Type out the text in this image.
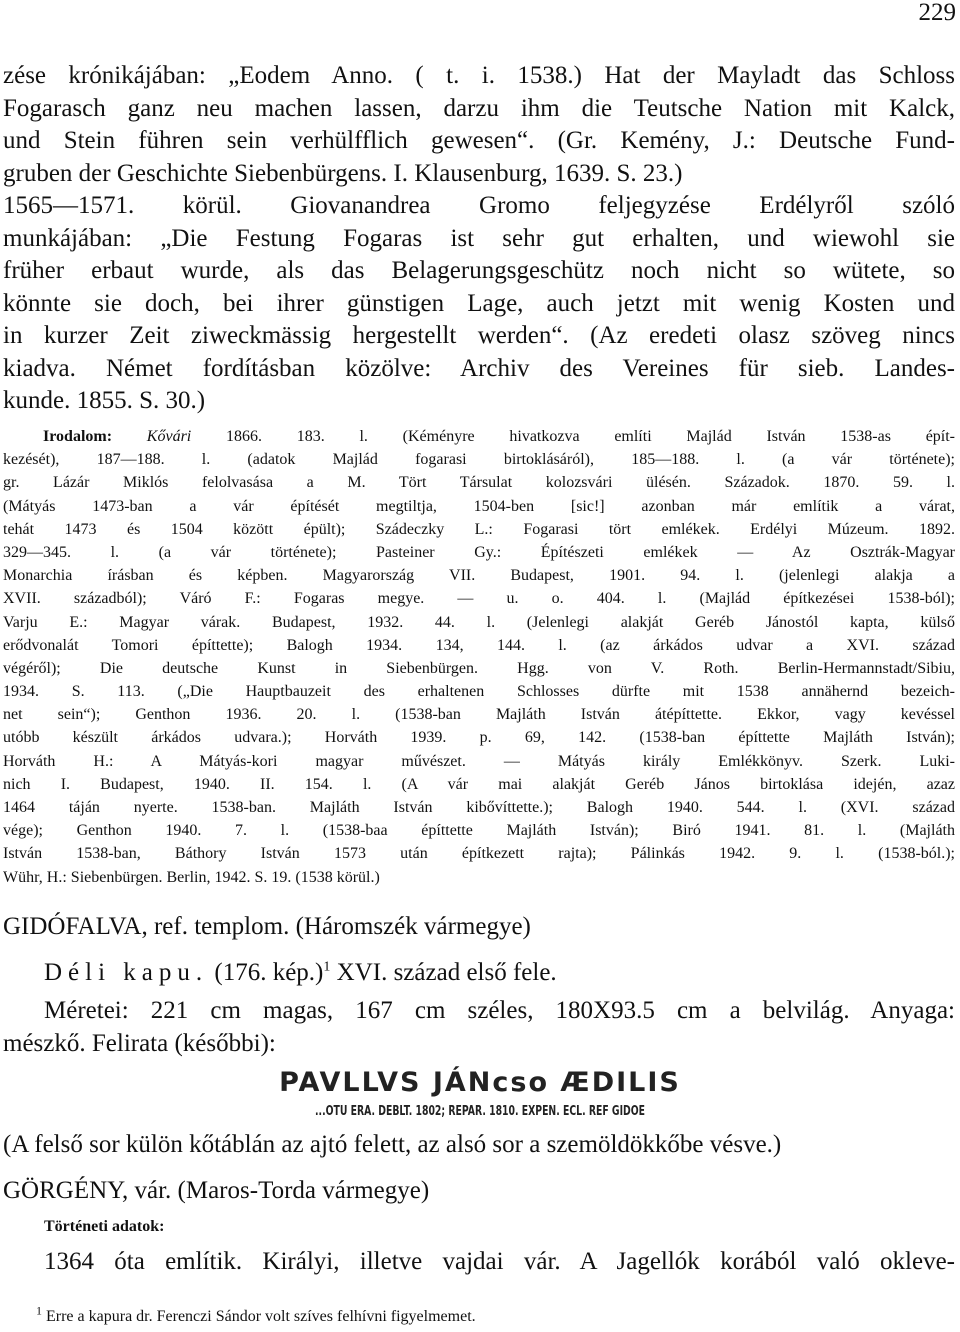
229
zése krónikájában: „Eodem Anno. ( t. i. 1538.) Hat der Mayladt das Schloss
Fogarasch ganz neu machen lassen, darzu ihm die Teutsche Nation mit Kalck,
und Stein führen sein verhülfflich gewesen“. (Gr. Kemény, J.: Deutsche Fund-
gruben der Geschichte Siebenbürgens. I. Klausenburg, 1639. S. 23.)
1565—1571. körül. Giovanandrea Gromo feljegyzése Erdélyről szóló
munkájában: „Die Festung Fogaras ist sehr gut erhalten, und wiewohl sie
früher erbaut wurde, als das Belagerungsgeschütz noch nicht so wütete, so
könnte sie doch, bei ihrer günstigen Lage, auch jetzt mit wenig Kosten und
in kurzer Zeit ziweckmässig hergestellt werden“. (Az eredeti olasz szöveg nincs
kiadva. Német fordításban közölve: Archiv des Vereines für sieb. Landes-
kunde. 1855. S. 30.)
Irodalom: Kővári 1866. 183. l. (Kéményre hivatkozva említi Majlád István 1538-as épít-
kezését), 187—188. l. (adatok Majlád fogarasi birtoklásáról), 185—188. l. (a vár története);
gr. Lázár Miklós felolvasása a M. Tört Társulat kolozsvári ülésén. Századok. 1870. 59. l.
(Mátyás 1473-ban a vár építését megtiltja, 1504-ben [sic!] azonban már említik a várat,
tehát 1473 és 1504 között épült); Szádeczky L.: Fogarasi tört emlékek. Erdélyi Múzeum. 1892.
329—345. l. (a vár története); Pasteiner Gy.: Építészeti emlékek — Az Osztrák-Magyar
Monarchia írásban és képben. Magyarország VII. Budapest, 1901. 94. l. (jelenlegi alakja a
XVII. századból); Váró F.: Fogaras megye. — u. o. 404. l. (Majlád építkezései 1538-ból);
Varju E.: Magyar várak. Budapest, 1932. 44. l. (Jelenlegi alakját Geréb Jánostól kapta, külső
erődvonalát Tomori építtette); Balogh 1934. 134, 144. l. (az árkádos udvar a XVI. század
végéről); Die deutsche Kunst in Siebenbürgen. Hgg. von V. Roth. Berlin-Hermannstadt/Sibiu,
1934. S. 113. („Die Hauptbauzeit des erhaltenen Schlosses dürfte mit 1538 annähernd bezeich-
net sein“); Genthon 1936. 20. l. (1538-ban Majláth István átépíttette. Ekkor, vagy kevéssel
utóbb készült árkádos udvara.); Horváth 1939. p. 69, 142. (1538-ban építtette Majláth István);
Horváth H.: A Mátyás-kori magyar művészet. — Mátyás király Emlékkönyv. Szerk. Luki-
nich I. Budapest, 1940. II. 154. l. (A vár mai alakját Geréb János birtoklása idején, azaz
1464 táján nyerte. 1538-ban. Majláth István kibővíttette.); Balogh 1940. 544. l. (XVI. század
vége); Genthon 1940. 7. l. (1538-baa építtette Majláth István); Biró 1941. 81. l. (Majláth
István 1538-ban, Báthory István 1573 után építkezett rajta); Pálinkás 1942. 9. l. (1538-ból.);
Wühr, H.: Siebenbürgen. Berlin, 1942. S. 19. (1538 körül.)
GIDÓFALVA, ref. templom. (Háromszék vármegye)
Déli kapu. (176. kép.)$^1$ XVI. század első fele.
Méretei: 221 cm magas, 167 cm széles, 180X93.5 cm a belvilág. Anyaga:
mészkő. Felirata (későbbi):
PAVLLVS JÁNcso ÆDILIS
...OTU ERA. DEBLT. 1802; REPAR. 1810. EXPEN. ECL. REF GIDOE
(A felső sor külön kőtáblán az ajtó felett, az alsó sor a szemöldökkőbe vésve.)
GÖRGÉNY, vár. (Maros-Torda vármegye)
Történeti adatok:
1364 óta említik. Királyi, illetve vajdai vár. A Jagellók korából való okleve-
$^1$ Erre a kapura dr. Ferenczi Sándor volt szíves felhívni figyelmemet.
